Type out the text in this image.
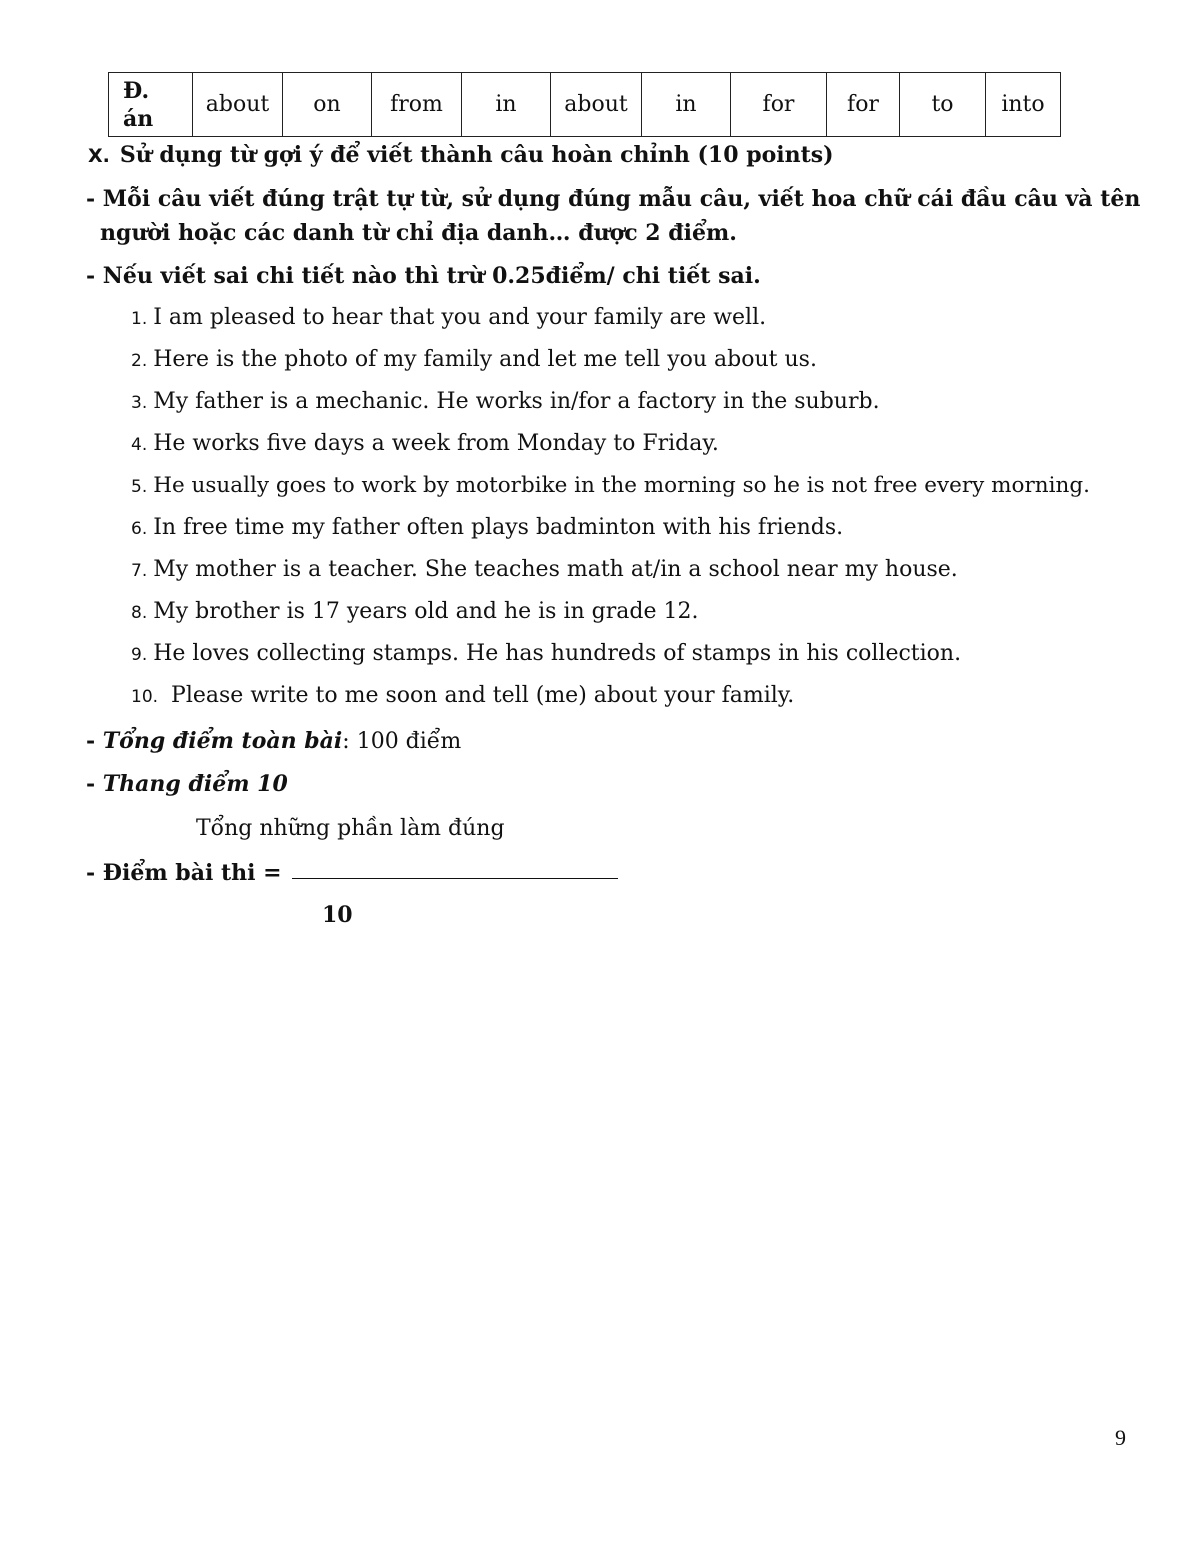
Đ.
án
	about	on	from	in	about	in	for	for	to	into
X. Sử dụng từ gợi ý để viết thành câu hoàn chỉnh (10 points)
- Mỗi câu viết đúng trật tự từ, sử dụng đúng mẫu câu, viết hoa chữ cái đầu câu và tên
người hoặc các danh từ chỉ địa danh… được 2 điểm.
- Nếu viết sai chi tiết nào thì trừ 0.25điểm/ chi tiết sai.
1. I am pleased to hear that you and your family are well.
2. Here is the photo of my family and let me tell you about us.
3. My father is a mechanic. He works in/for a factory in the suburb.
4. He works five days a week from Monday to Friday.
5. He usually goes to work by motorbike in the morning so he is not free every morning.
6. In free time my father often plays badminton with his friends.
7. My mother is a teacher. She teaches math at/in a school near my house.
8. My brother is 17 years old and he is in grade 12.
9. He loves collecting stamps. He has hundreds of stamps in his collection.
10. Please write to me soon and tell (me) about your family.
- Tổng điểm toàn bài: 100 điểm
- Thang điểm 10
Tổng những phần làm đúng
- Điểm bài thi =
10
9
